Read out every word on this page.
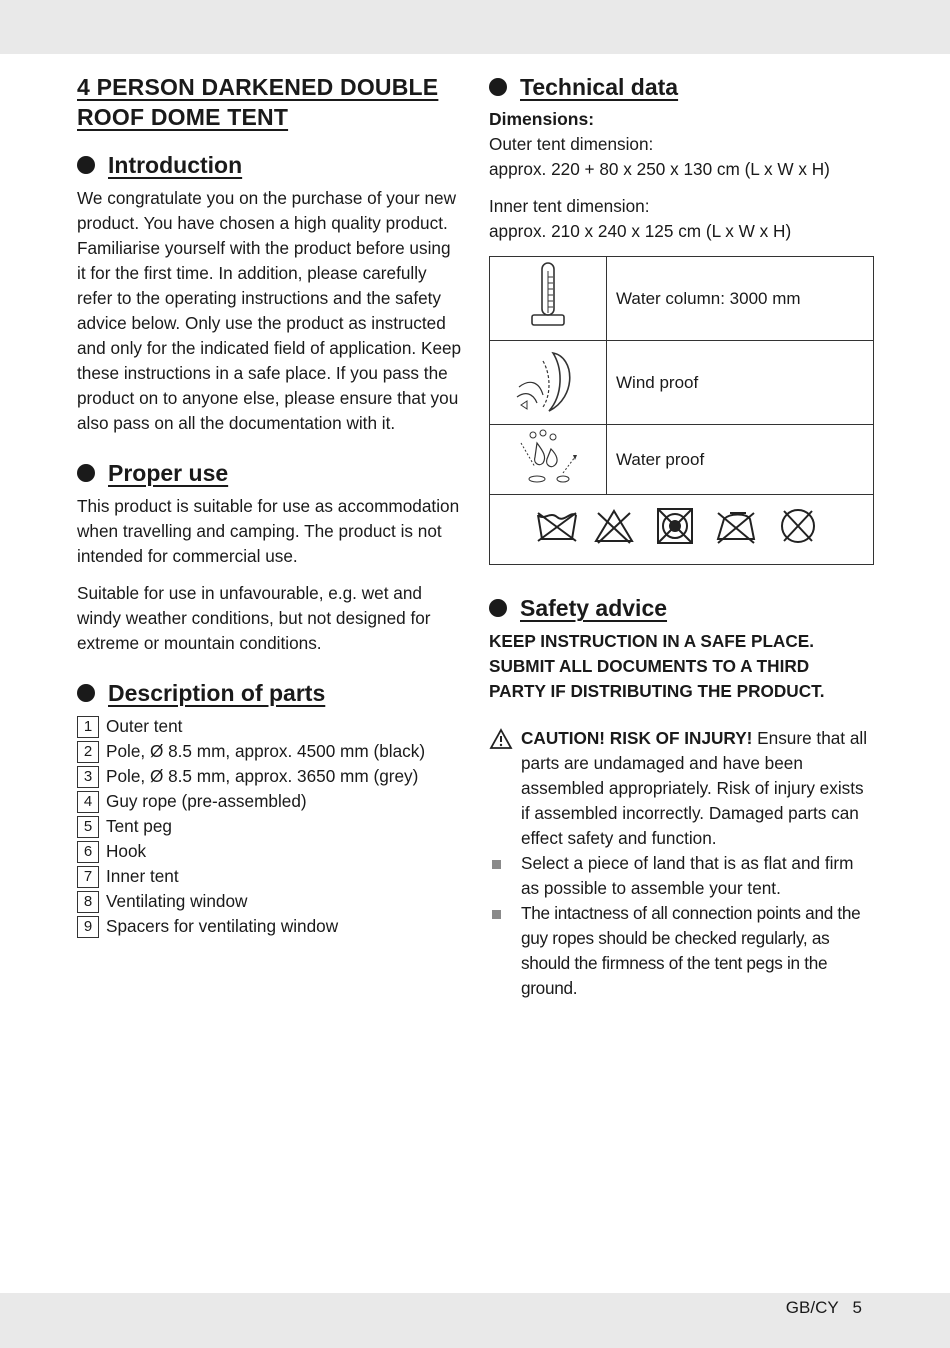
4 PERSON DARKENED DOUBLE
ROOF DOME TENT
Introduction

We congratulate you on the purchase of your new product. You have chosen a high quality product. Familiarise yourself with the product before using it for the first time. In addition, please carefully refer to the operating instructions and the safety advice below. Only use the product as instructed and only for the indicated field of application. Keep these instructions in a safe place. If you pass the product on to anyone else, please ensure that you also pass on all the documentation with it.

Proper use

This product is suitable for use as accommodation when travelling and camping. The product is not intended for commercial use.

Suitable for use in unfavourable, e.g. wet and windy weather conditions, but not designed for extreme or mountain conditions.

Description of parts
1 Outer tent
2 Pole, Ø 8.5 mm, approx. 4500 mm (black)
3 Pole, Ø 8.5 mm, approx. 3650 mm (grey)
4 Guy rope (pre-assembled)
5 Tent peg
6 Hook
7 Inner tent
8 Ventilating window
9 Spacers for ventilating window
Technical data
Dimensions:

Outer tent dimension:
approx. 220 + 80 x 250 x 130 cm (L x W x H)

Inner tent dimension:
approx. 210 x 240 x 125 cm (L x W x H)

	Water column: 3000 mm
	Wind proof
	Water proof

Safety advice
KEEP INSTRUCTION IN A SAFE PLACE.
SUBMIT ALL DOCUMENTS TO A THIRD
PARTY IF DISTRIBUTING THE PRODUCT.
CAUTION! RISK OF INJURY! Ensure that all parts are undamaged and have been assembled appropriately. Risk of injury exists if assembled incorrectly. Damaged parts can effect safety and function.
Select a piece of land that is as flat and firm as possible to assemble your tent.
The intactness of all connection points and the guy ropes should be checked regularly, as should the firmness of the tent pegs in the ground.
GB/CY   5
